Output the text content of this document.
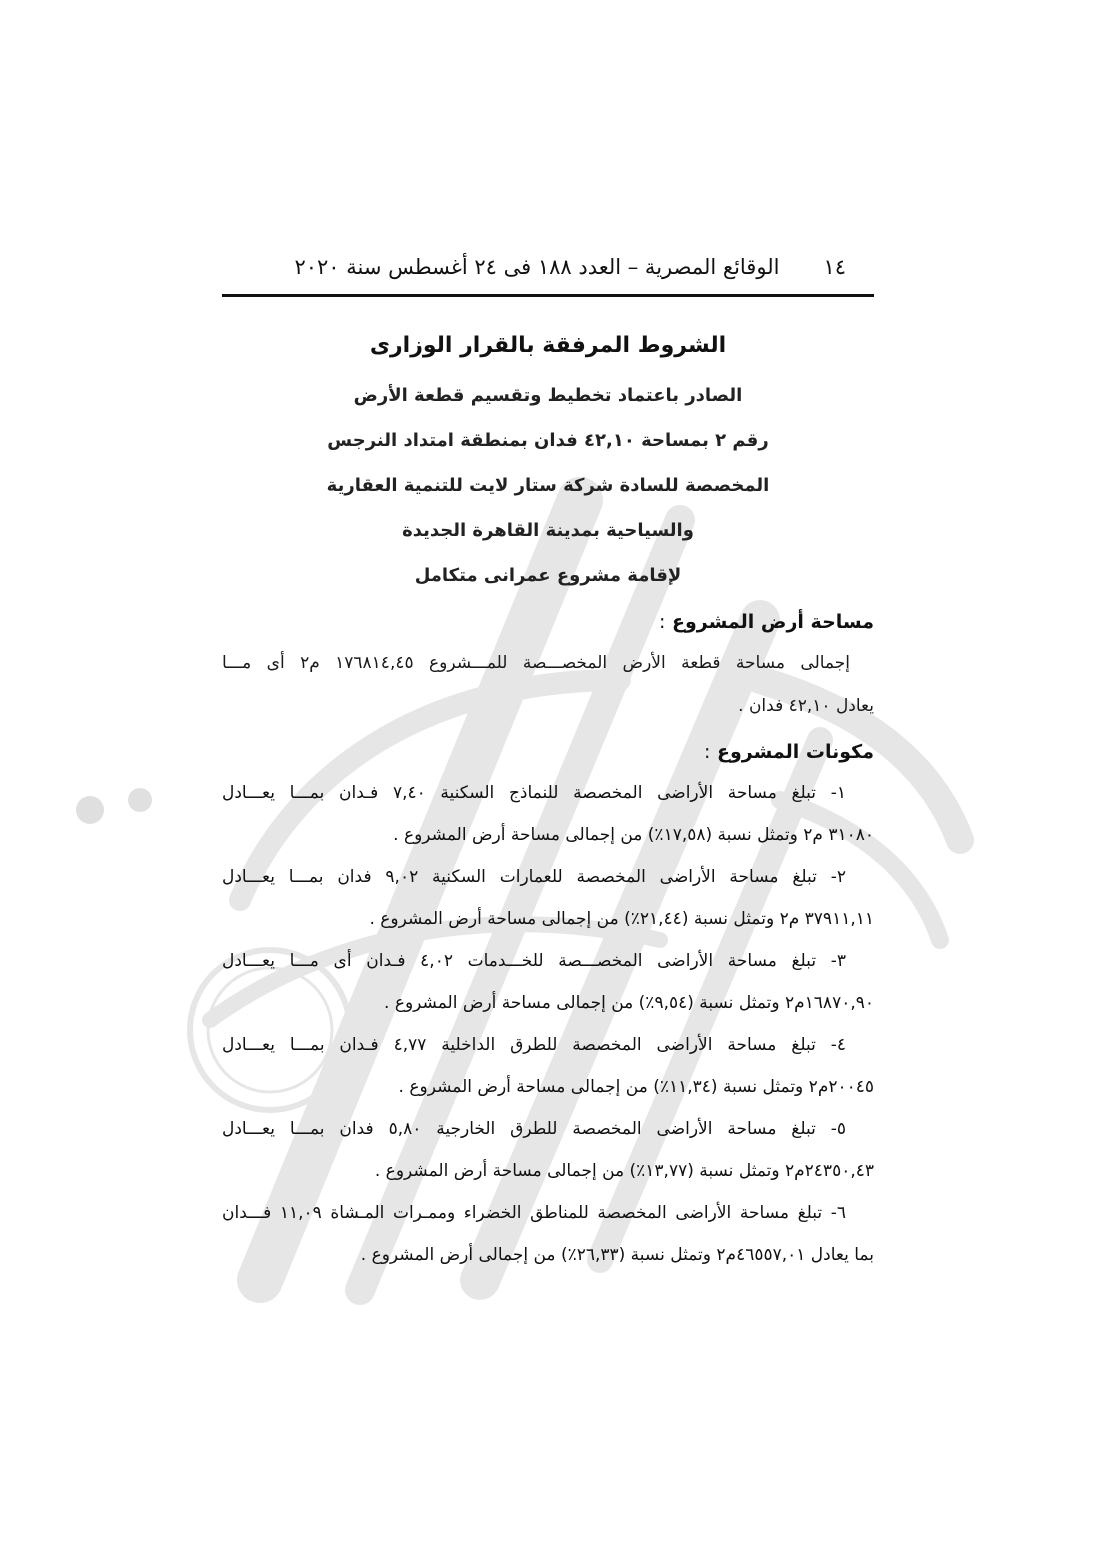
١٤
الوقائع المصرية – العدد ١٨٨ فى ٢٤ أغسطس سنة ٢٠٢٠

الشروط المرفقة بالقرار الوزارى

الصادر باعتماد تخطيط وتقسيم قطعة الأرض

رقم ٢ بمساحة ٤٢,١٠ فدان بمنطقة امتداد النرجس

المخصصة للسادة شركة ستار لايت للتنمية العقارية

والسياحية بمدينة القاهرة الجديدة

لإقامة مشروع عمرانى متكامل

مساحة أرض المشروع :

إجمالى مساحة قطعة الأرض المخصـــصة للمـــشروع ١٧٦٨١٤,٤٥ م٢ أى مـــا
يعادل ٤٢,١٠ فدان .

مكونات المشروع :
١- تبلغ مساحة الأراضى المخصصة للنماذج السكنية ٧,٤٠ فـدان بمـــا يعـــادل
٣١٠٨٠ م٢ وتمثل نسبة (١٧,٥٨٪) من إجمالى مساحة أرض المشروع .
٢- تبلغ مساحة الأراضى المخصصة للعمارات السكنية ٩,٠٢ فدان بمـــا يعـــادل
٣٧٩١١,١١ م٢ وتمثل نسبة (٢١,٤٤٪) من إجمالى مساحة أرض المشروع .
٣- تبلغ مساحة الأراضى المخصـــصة للخـــدمات ٤,٠٢ فـدان أى مـــا يعـــادل
١٦٨٧٠,٩٠م٢ وتمثل نسبة (٩,٥٤٪) من إجمالى مساحة أرض المشروع .
٤- تبلغ مساحة الأراضى المخصصة للطرق الداخلية ٤,٧٧ فـدان بمـــا يعـــادل
٢٠٠٤٥م٢ وتمثل نسبة (١١,٣٤٪) من إجمالى مساحة أرض المشروع .
٥- تبلغ مساحة الأراضى المخصصة للطرق الخارجية ٥,٨٠ فدان بمـــا يعـــادل
٢٤٣٥٠,٤٣م٢ وتمثل نسبة (١٣,٧٧٪) من إجمالى مساحة أرض المشروع .
٦- تبلغ مساحة الأراضى المخصصة للمناطق الخضراء وممـرات المـشاة ١١,٠٩ فـــدان
بما يعادل ٤٦٥٥٧,٠١م٢ وتمثل نسبة (٢٦,٣٣٪) من إجمالى أرض المشروع .
